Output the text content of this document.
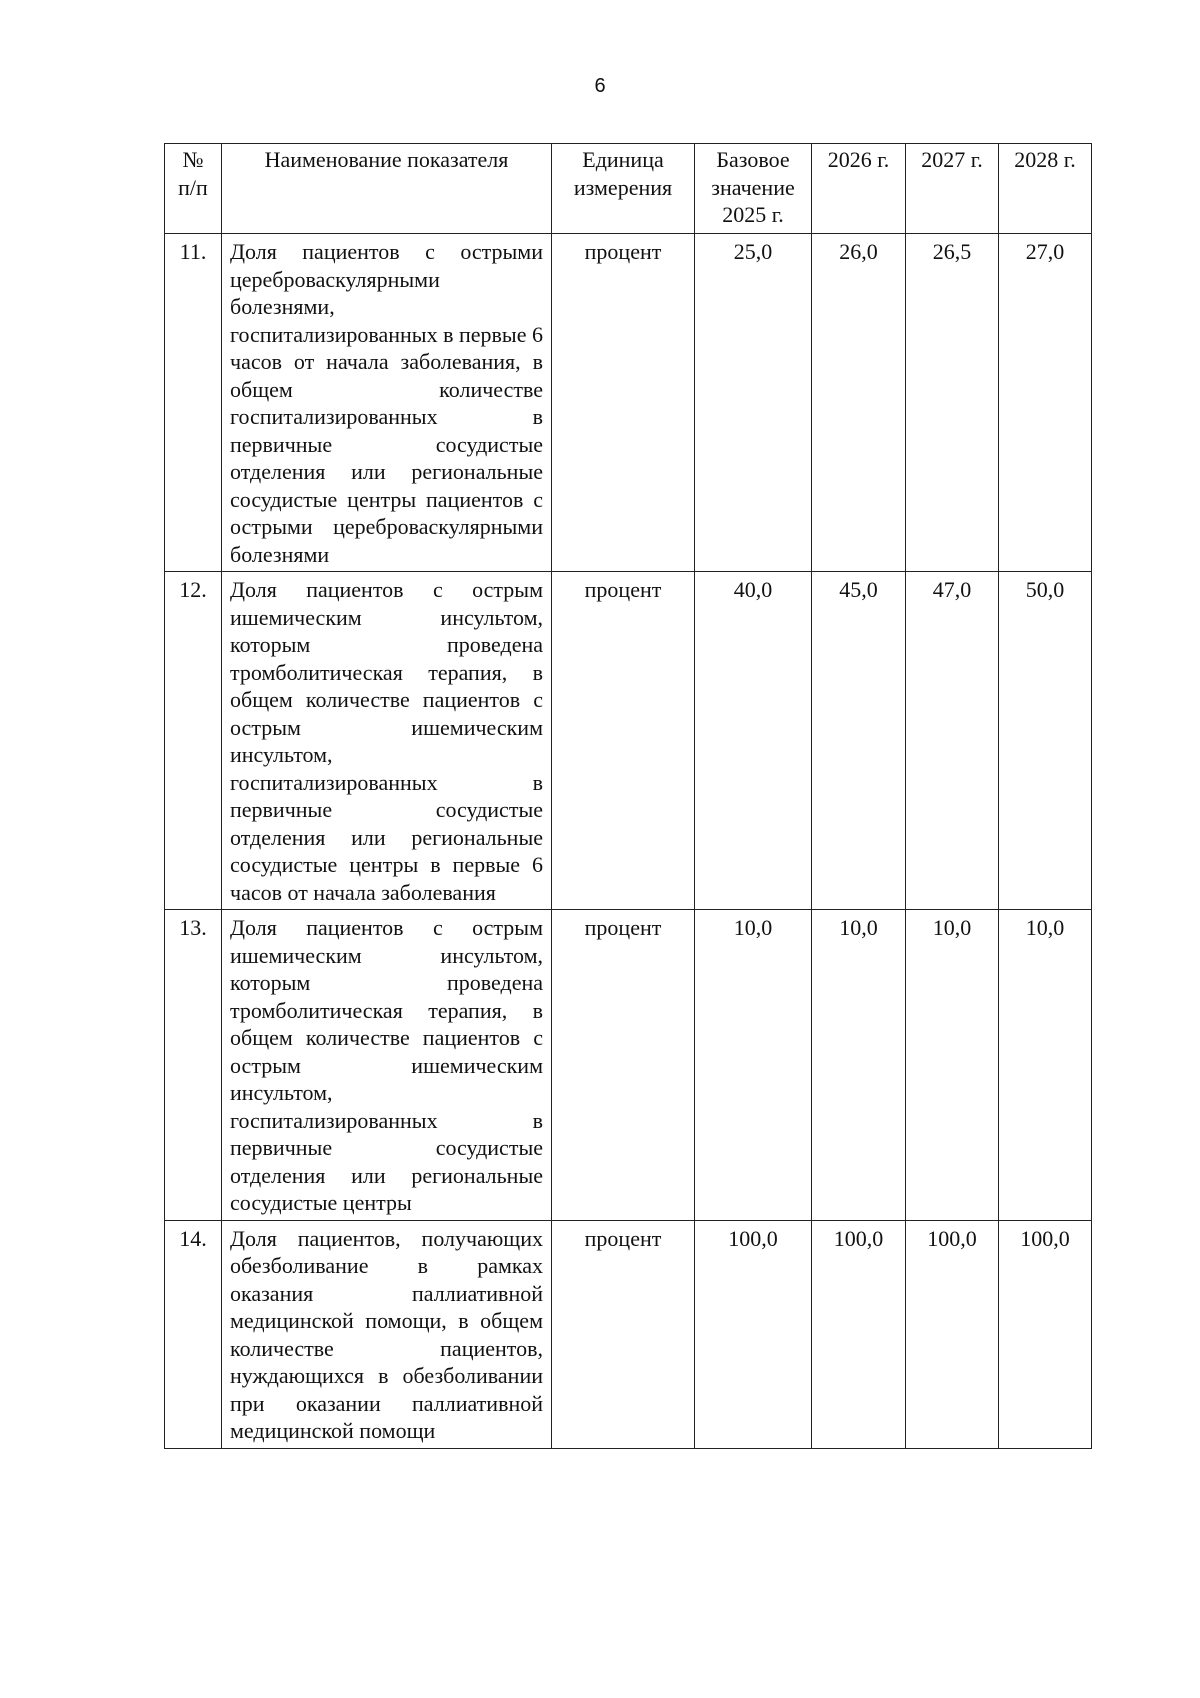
6
№ п/п	Наименование показателя	Единица измерения	Базовое значение 2025 г.	2026 г.	2027 г.	2028 г.
11.	Доля пациентов с острыми цереброваскулярными болезнями, госпитализированных в первые 6 часов от начала заболевания, в общем количестве госпитализированных в первичные сосудистые отделения или региональные сосудистые центры пациентов с острыми цереброваскулярными болезнями	процент	25,0	26,0	26,5	27,0
12.	Доля пациентов с острым ишемическим инсультом, которым проведена тромболитическая терапия, в общем количестве пациентов с острым ишемическим инсультом, госпитализированных в первичные сосудистые отделения или региональные сосудистые центры в первые 6 часов от начала заболевания	процент	40,0	45,0	47,0	50,0
13.	Доля пациентов с острым ишемическим инсультом, которым проведена тромболитическая терапия, в общем количестве пациентов с острым ишемическим инсультом, госпитализированных в первичные сосудистые отделения или региональные сосудистые центры	процент	10,0	10,0	10,0	10,0
14.	Доля пациентов, получающих обезболивание в рамках оказания паллиативной медицинской помощи, в общем количестве пациентов, нуждающихся в обезболивании при оказании паллиативной медицинской помощи	процент	100,0	100,0	100,0	100,0
